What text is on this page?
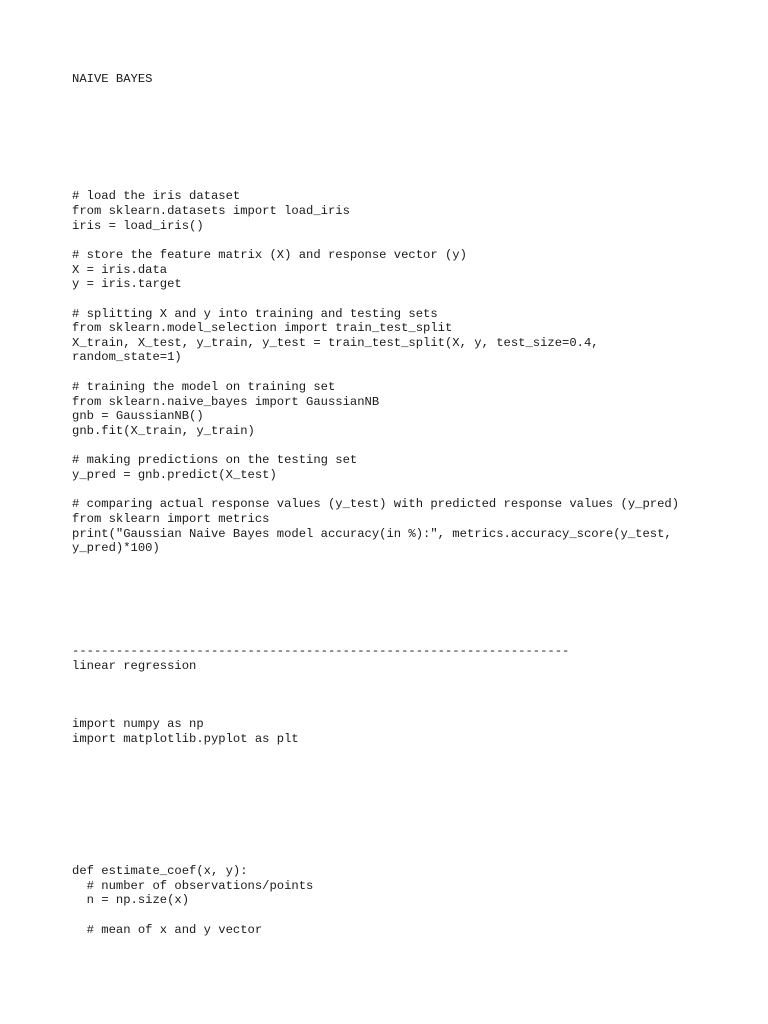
NAIVE BAYES

# load the iris dataset

from sklearn.datasets import load_iris

iris = load_iris()

# store the feature matrix (X) and response vector (y)

X = iris.data

y = iris.target

# splitting X and y into training and testing sets

from sklearn.model_selection import train_test_split

X_train, X_test, y_train, y_test = train_test_split(X, y, test_size=0.4,

random_state=1)

# training the model on training set

from sklearn.naive_bayes import GaussianNB

gnb = GaussianNB()

gnb.fit(X_train, y_train)

# making predictions on the testing set

y_pred = gnb.predict(X_test)

# comparing actual response values (y_test) with predicted response values (y_pred)

from sklearn import metrics

print("Gaussian Naive Bayes model accuracy(in %):", metrics.accuracy_score(y_test,

y_pred)*100)

--------------------------------------------------------------------

linear regression

import numpy as np

import matplotlib.pyplot as plt

def estimate_coef(x, y):

# number of observations/points

n = np.size(x)

# mean of x and y vector
